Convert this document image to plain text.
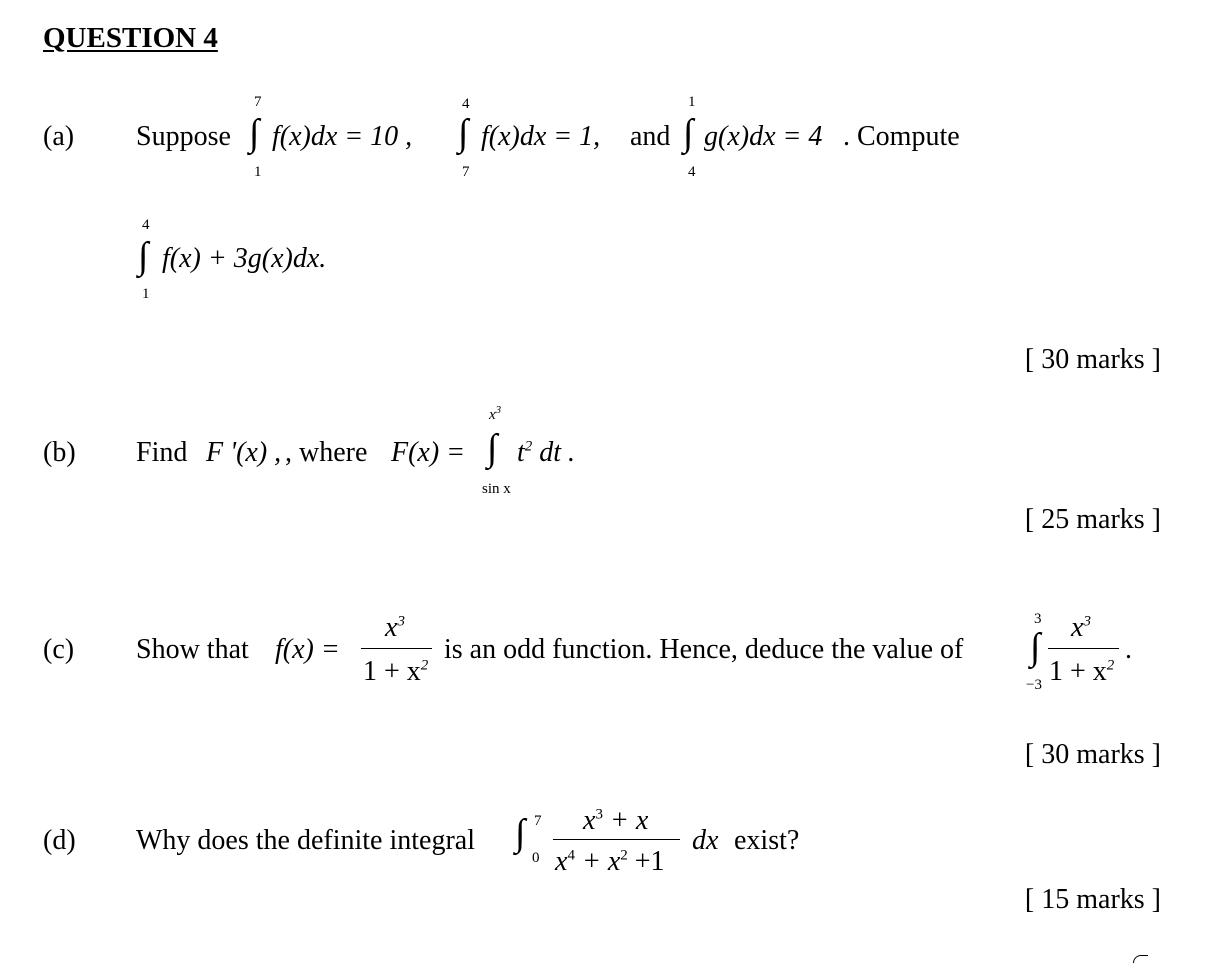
QUESTION 4
(a) Suppose
7
∫
1
f(x)dx = 10 ,
4
∫
7
f(x)dx = 1, and
1
∫
4
g(x)dx = 4 . Compute
4
∫
1
f(x) + 3g(x)dx.
[ 30 marks ]
(b) Find F '(x) , , where F(x) =
$x^3$
∫
sin x
$t^2$ dt .
[ 25 marks ]
(c) Show that f(x) =
$x^3$
$1 + x^2$
is an odd function. Hence, deduce the value of
3
∫
−3
$x^3$
$1 + x^2$
.
[ 30 marks ]
(d) Why does the definite integral ∫ 7
0
$x^3 + x$
$x^4 + x^2 +1$
dx exist?
[ 15 marks ]
